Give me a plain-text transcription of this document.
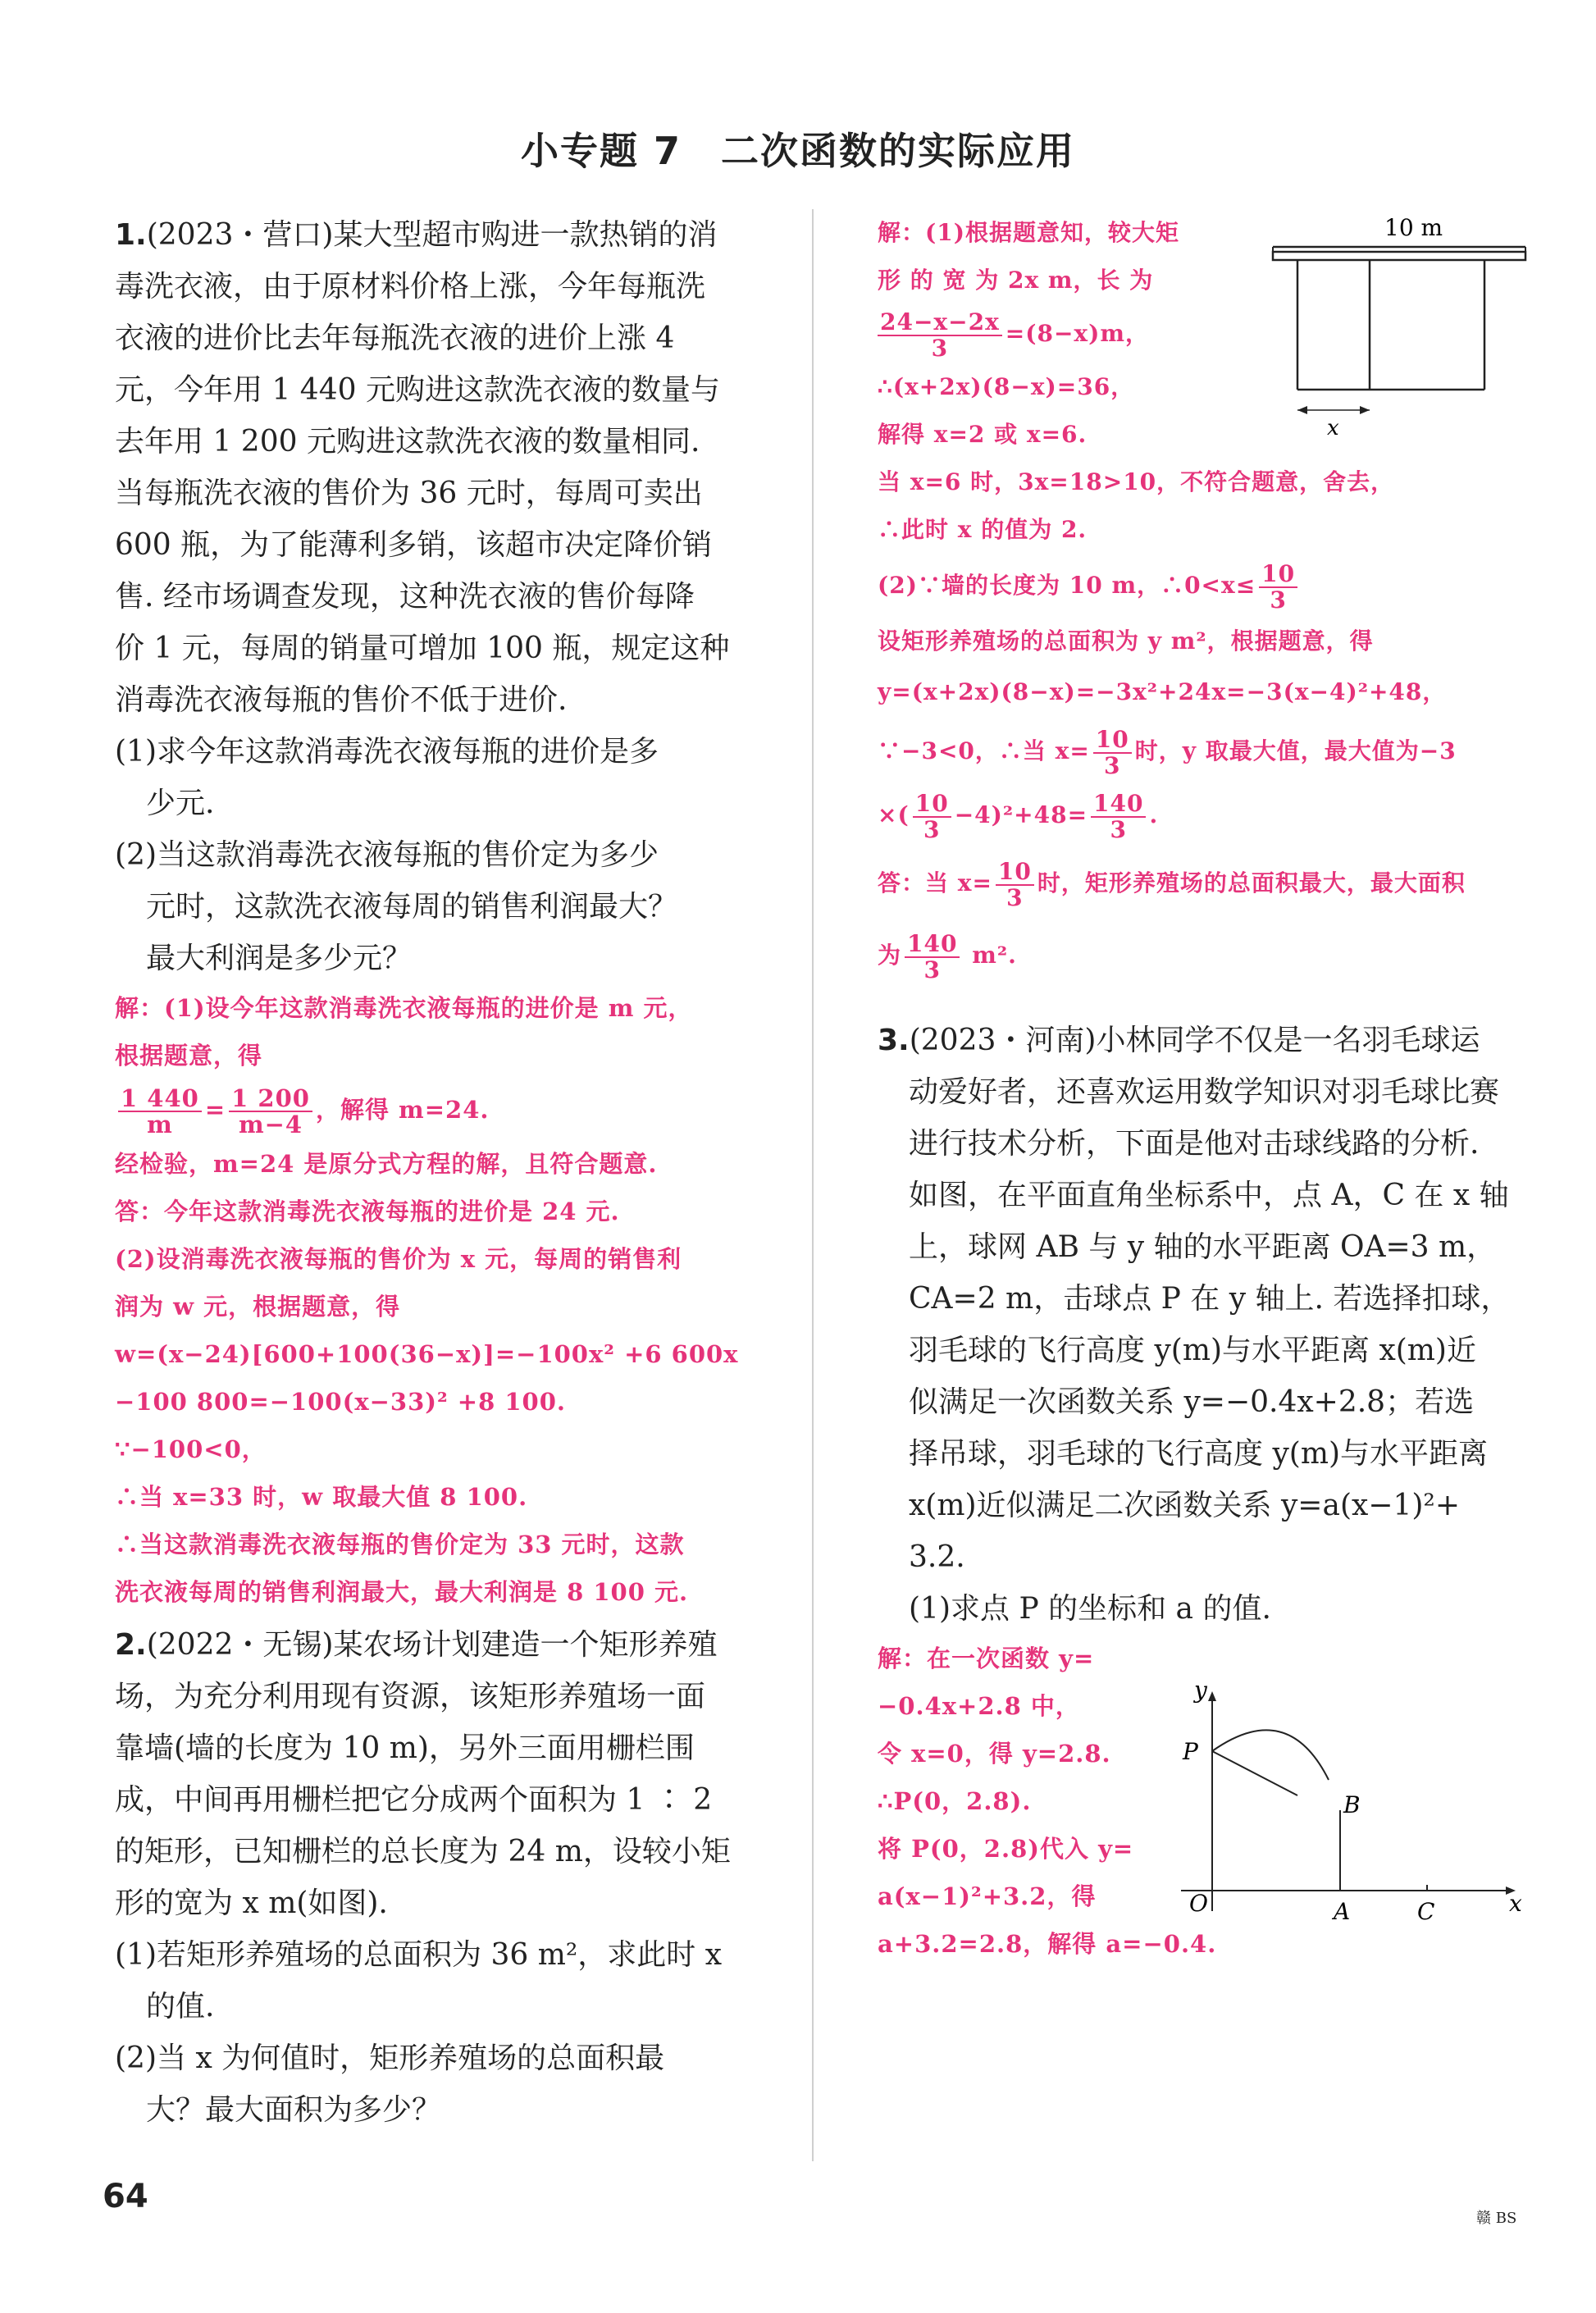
小专题 7　二次函数的实际应用
1.(2023・营口)某大型超市购进一款热销的消
毒洗衣液，由于原材料价格上涨，今年每瓶洗
衣液的进价比去年每瓶洗衣液的进价上涨 4
元，今年用 1 440 元购进这款洗衣液的数量与
去年用 1 200 元购进这款洗衣液的数量相同.
当每瓶洗衣液的售价为 36 元时，每周可卖出
600 瓶，为了能薄利多销，该超市决定降价销
售. 经市场调查发现，这种洗衣液的售价每降
价 1 元，每周的销量可增加 100 瓶，规定这种
消毒洗衣液每瓶的售价不低于进价.
(1)求今年这款消毒洗衣液每瓶的进价是多
少元.
(2)当这款消毒洗衣液每瓶的售价定为多少
元时，这款洗衣液每周的销售利润最大？
最大利润是多少元？
解：(1)设今年这款消毒洗衣液每瓶的进价是 m 元，
根据题意，得
$\frac{1 440}{m} = \frac{1 200}{m-4}$ ，解得 m=24.
经检验，m=24 是原分式方程的解，且符合题意.
答：今年这款消毒洗衣液每瓶的进价是 24 元.
(2)设消毒洗衣液每瓶的售价为 x 元，每周的销售利
润为 w 元，根据题意，得
w=(x−24)[600+100(36−x)]=−100x² +6 600x
−100 800=−100(x−33)² +8 100.
∵−100<0，
∴当 x=33 时，w 取最大值 8 100.
∴当这款消毒洗衣液每瓶的售价定为 33 元时，这款
洗衣液每周的销售利润最大，最大利润是 8 100 元.
2.(2022・无锡)某农场计划建造一个矩形养殖
场，为充分利用现有资源，该矩形养殖场一面
靠墙(墙的长度为 10 m)，另外三面用栅栏围
成，中间再用栅栏把它分成两个面积为 1 ∶ 2
的矩形，已知栅栏的总长度为 24 m，设较小矩
形的宽为 x m(如图).
(1)若矩形养殖场的总面积为 36 m²，求此时 x
的值.
(2)当 x 为何值时，矩形养殖场的总面积最
大？最大面积为多少？
解：(1)根据题意知，较大矩
形 的 宽 为 2x m，长 为
$\frac{24-x-2x}{3} =(8-x)m$，
∴(x+2x)(8−x)=36，
解得 x=2 或 x=6.
当 x=6 时，3x=18>10，不符合题意，舍去，
∴此时 x 的值为 2.
(2)∵墙的长度为 10 m，∴0<x≤ $\frac{10}{3}$
设矩形养殖场的总面积为 y m²，根据题意，得
y=(x+2x)(8−x)=−3x²+24x=−3(x−4)²+48，
∵−3<0，∴当 $x= \frac{10}{3}$ 时，y 取最大值，最大值为−3
×( $\frac{10}{3} -4)^2+48= \frac{140}{3}$ .
答：当 $x= \frac{10}{3}$ 时，矩形养殖场的总面积最大，最大面积
为 $\frac{140}{3} m^2$.
3.(2023・河南)小林同学不仅是一名羽毛球运
动爱好者，还喜欢运用数学知识对羽毛球比赛
进行技术分析，下面是他对击球线路的分析.
如图，在平面直角坐标系中，点 A，C 在 x 轴
上，球网 AB 与 y 轴的水平距离 OA=3 m，
CA=2 m，击球点 P 在 y 轴上. 若选择扣球，
羽毛球的飞行高度 y(m)与水平距离 x(m)近
似满足一次函数关系 y=−0.4x+2.8；若选
择吊球，羽毛球的飞行高度 y(m)与水平距离
x(m)近似满足二次函数关系 y=a(x−1)²+
3.2.
(1)求点 P 的坐标和 a 的值.
解：在一次函数 y=
−0.4x+2.8 中，
令 x=0，得 y=2.8.
∴P(0，2.8).
将 P(0，2.8)代入 y=
a(x−1)²+3.2，得
a+3.2=2.8，解得 a=−0.4.
10 m
x
y
x
O
P
A
B
C
64
赣 BS
